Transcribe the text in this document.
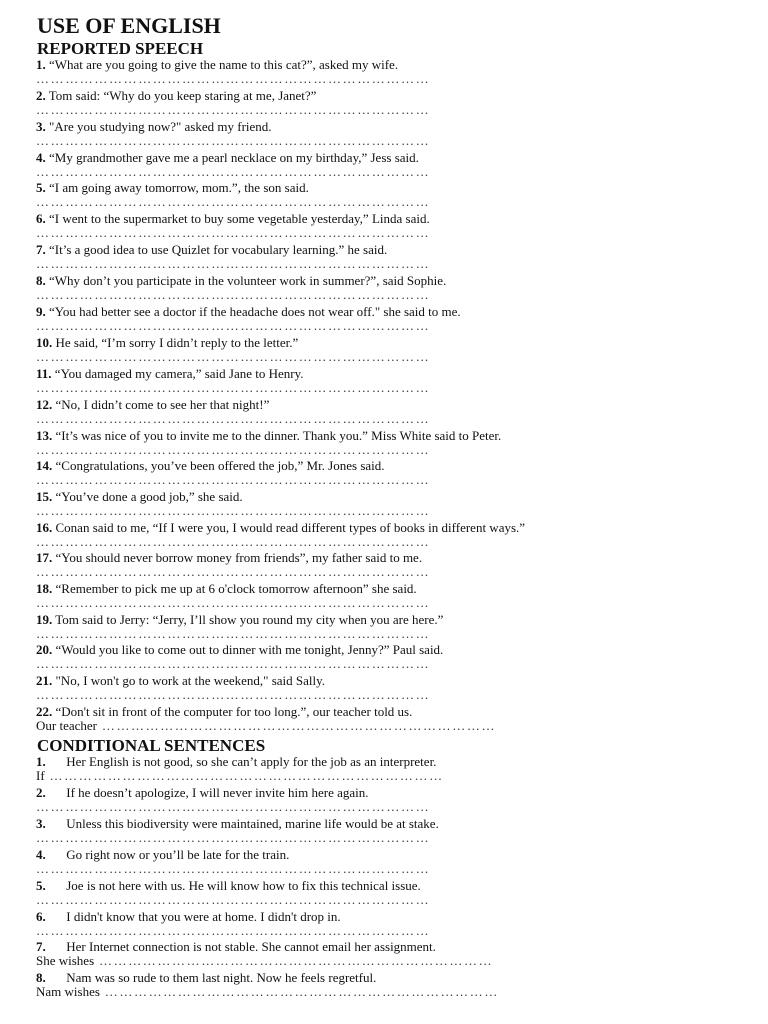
USE OF ENGLISH
REPORTED SPEECH
1. “What are you going to give the name to this cat?”, asked my wife.
………………………………………………………………………
2. Tom said: “Why do you keep staring at me, Janet?”
………………………………………………………………………
3. "Are you studying now?" asked my friend.
………………………………………………………………………
4. “My grandmother gave me a pearl necklace on my birthday,” Jess said.
………………………………………………………………………
5. “I am going away tomorrow, mom.”, the son said.
………………………………………………………………………
6. “I went to the supermarket to buy some vegetable yesterday,” Linda said.
………………………………………………………………………
7. “It’s a good idea to use Quizlet for vocabulary learning.” he said.
………………………………………………………………………
8. “Why don’t you participate in the volunteer work in summer?”, said Sophie.
………………………………………………………………………
9. “You had better see a doctor if the headache does not wear off." she said to me.
………………………………………………………………………
10. He said, “I’m sorry I didn’t reply to the letter.”
………………………………………………………………………
11. “You damaged my camera,” said Jane to Henry.
………………………………………………………………………
12. “No, I didn’t come to see her that night!”
………………………………………………………………………
13. “It’s was nice of you to invite me to the dinner. Thank you.” Miss White said to Peter.
………………………………………………………………………
14. “Congratulations, you’ve been offered the job,” Mr. Jones said.
………………………………………………………………………
15. “You’ve done a good job,” she said.
………………………………………………………………………
16. Conan said to me, “If I were you, I would read different types of books in different ways.”
………………………………………………………………………
17. “You should never borrow money from friends”, my father said to me.
………………………………………………………………………
18. “Remember to pick me up at 6 o'clock tomorrow afternoon” she said.
………………………………………………………………………
19. Tom said to Jerry: “Jerry, I’ll show you round my city when you are here.”
………………………………………………………………………
20. “Would you like to come out to dinner with me tonight, Jenny?” Paul said.
………………………………………………………………………
21. "No, I won't go to work at the weekend," said Sally.
………………………………………………………………………
22. “Don't sit in front of the computer for too long.”, our teacher told us.
Our teacher ………………………………………………………………………
CONDITIONAL SENTENCES
1. Her English is not good, so she can’t apply for the job as an interpreter.
If ………………………………………………………………………
2. If he doesn’t apologize, I will never invite him here again.
………………………………………………………………………
3. Unless this biodiversity were maintained, marine life would be at stake.
………………………………………………………………………
4. Go right now or you’ll be late for the train.
………………………………………………………………………
5. Joe is not here with us. He will know how to fix this technical issue.
………………………………………………………………………
6. I didn't know that you were at home. I didn't drop in.
………………………………………………………………………
7. Her Internet connection is not stable. She cannot email her assignment.
She wishes ………………………………………………………………………
8. Nam was so rude to them last night. Now he feels regretful.
Nam wishes ………………………………………………………………………
